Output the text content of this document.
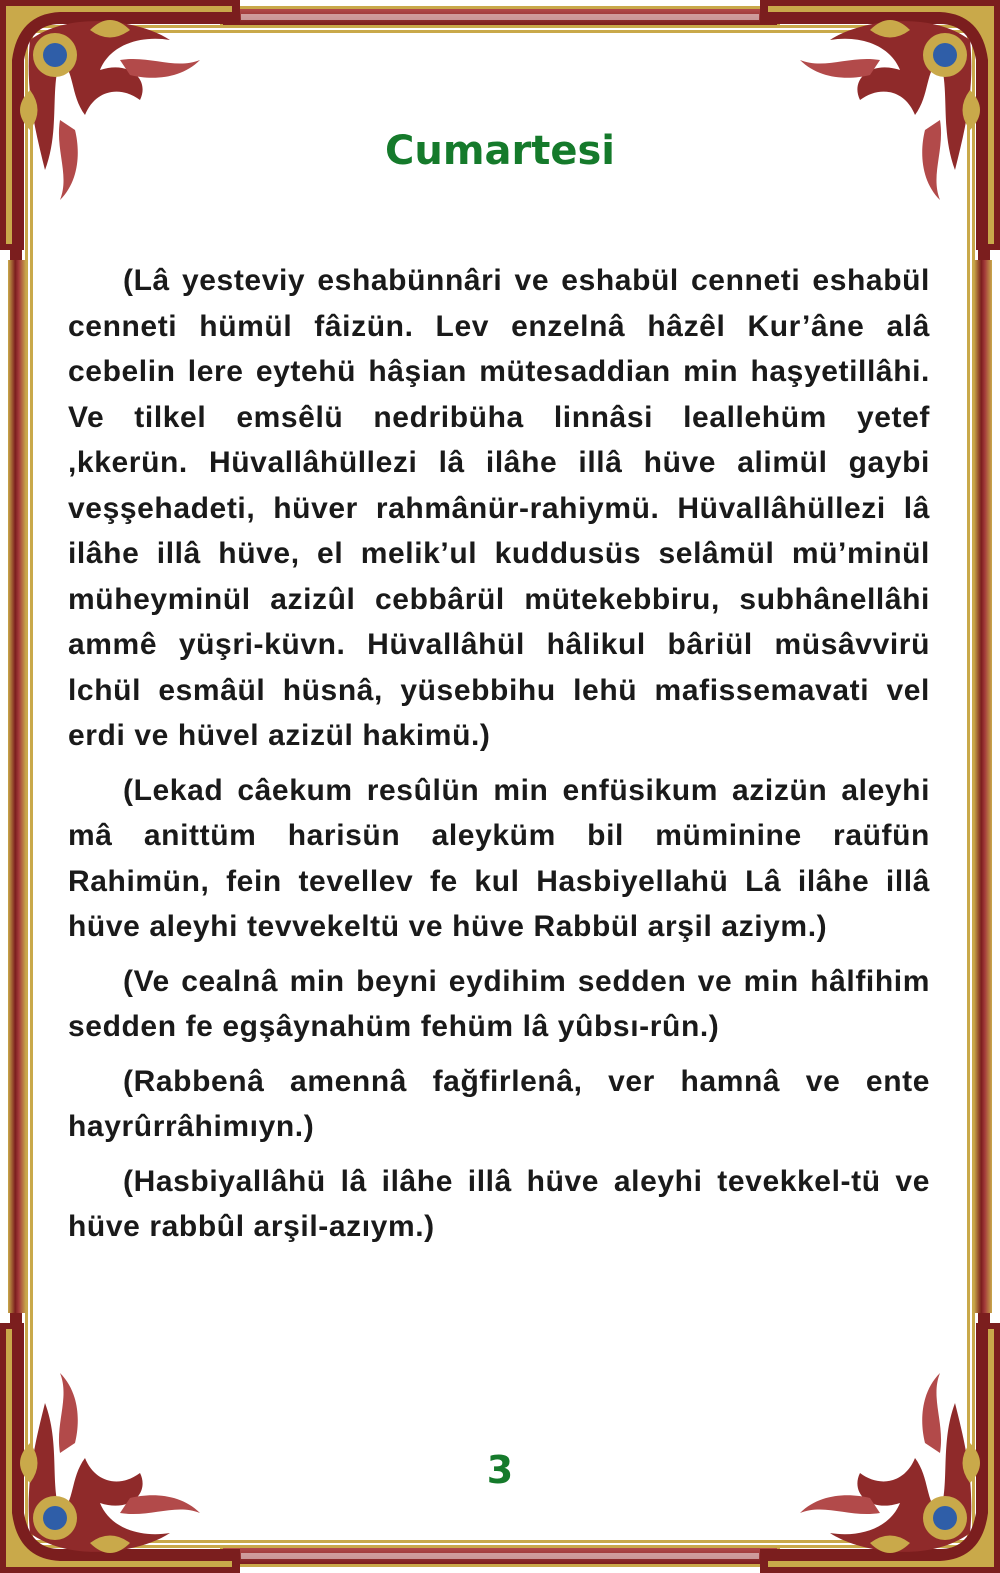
Cumartesi

(Lâ yesteviy eshabünnâri ve eshabül cenneti eshabül cenneti hümül fâizün. Lev enzelnâ hâzêl Kur’âne alâ cebelin lere eytehü hâşian mütesaddian min haşyetillâhi. Ve tilkel emsêlü nedribüha linnâsi leallehüm yetef ,kkerün. Hüvallâhüllezi lâ ilâhe illâ hüve alimül gaybi veşşehadeti, hüver rahmânür-rahiymü. Hüvallâhüllezi lâ ilâhe illâ hüve, el melik’ul kuddusüs selâmül mü’minül müheyminül azizûl cebbârül mütekebbiru, subhânellâhi ammê yüşri-küvn. Hüvallâhül hâlikul bâriül müsâvvirü lchül esmâül hüsnâ, yüsebbihu lehü mafissemavati vel erdi ve hüvel azizül hakimü.)

(Lekad câekum resûlün min enfüsikum azizün aleyhi mâ anittüm harisün aleyküm bil müminine raüfün Rahimün, fein tevellev fe kul Hasbiyellahü Lâ ilâhe illâ hüve aleyhi tevvekeltü ve hüve Rabbül arşil aziym.)

(Ve cealnâ min beyni eydihim sedden ve min hâlfihim sedden fe egşâynahüm fehüm lâ yûbsı-rûn.)

(Rabbenâ amennâ fağfirlenâ, ver hamnâ ve ente hayrûrrâhimıyn.)

(Hasbiyallâhü lâ ilâhe illâ hüve aleyhi tevekkel-tü ve hüve rabbûl arşil-azıym.)

3
